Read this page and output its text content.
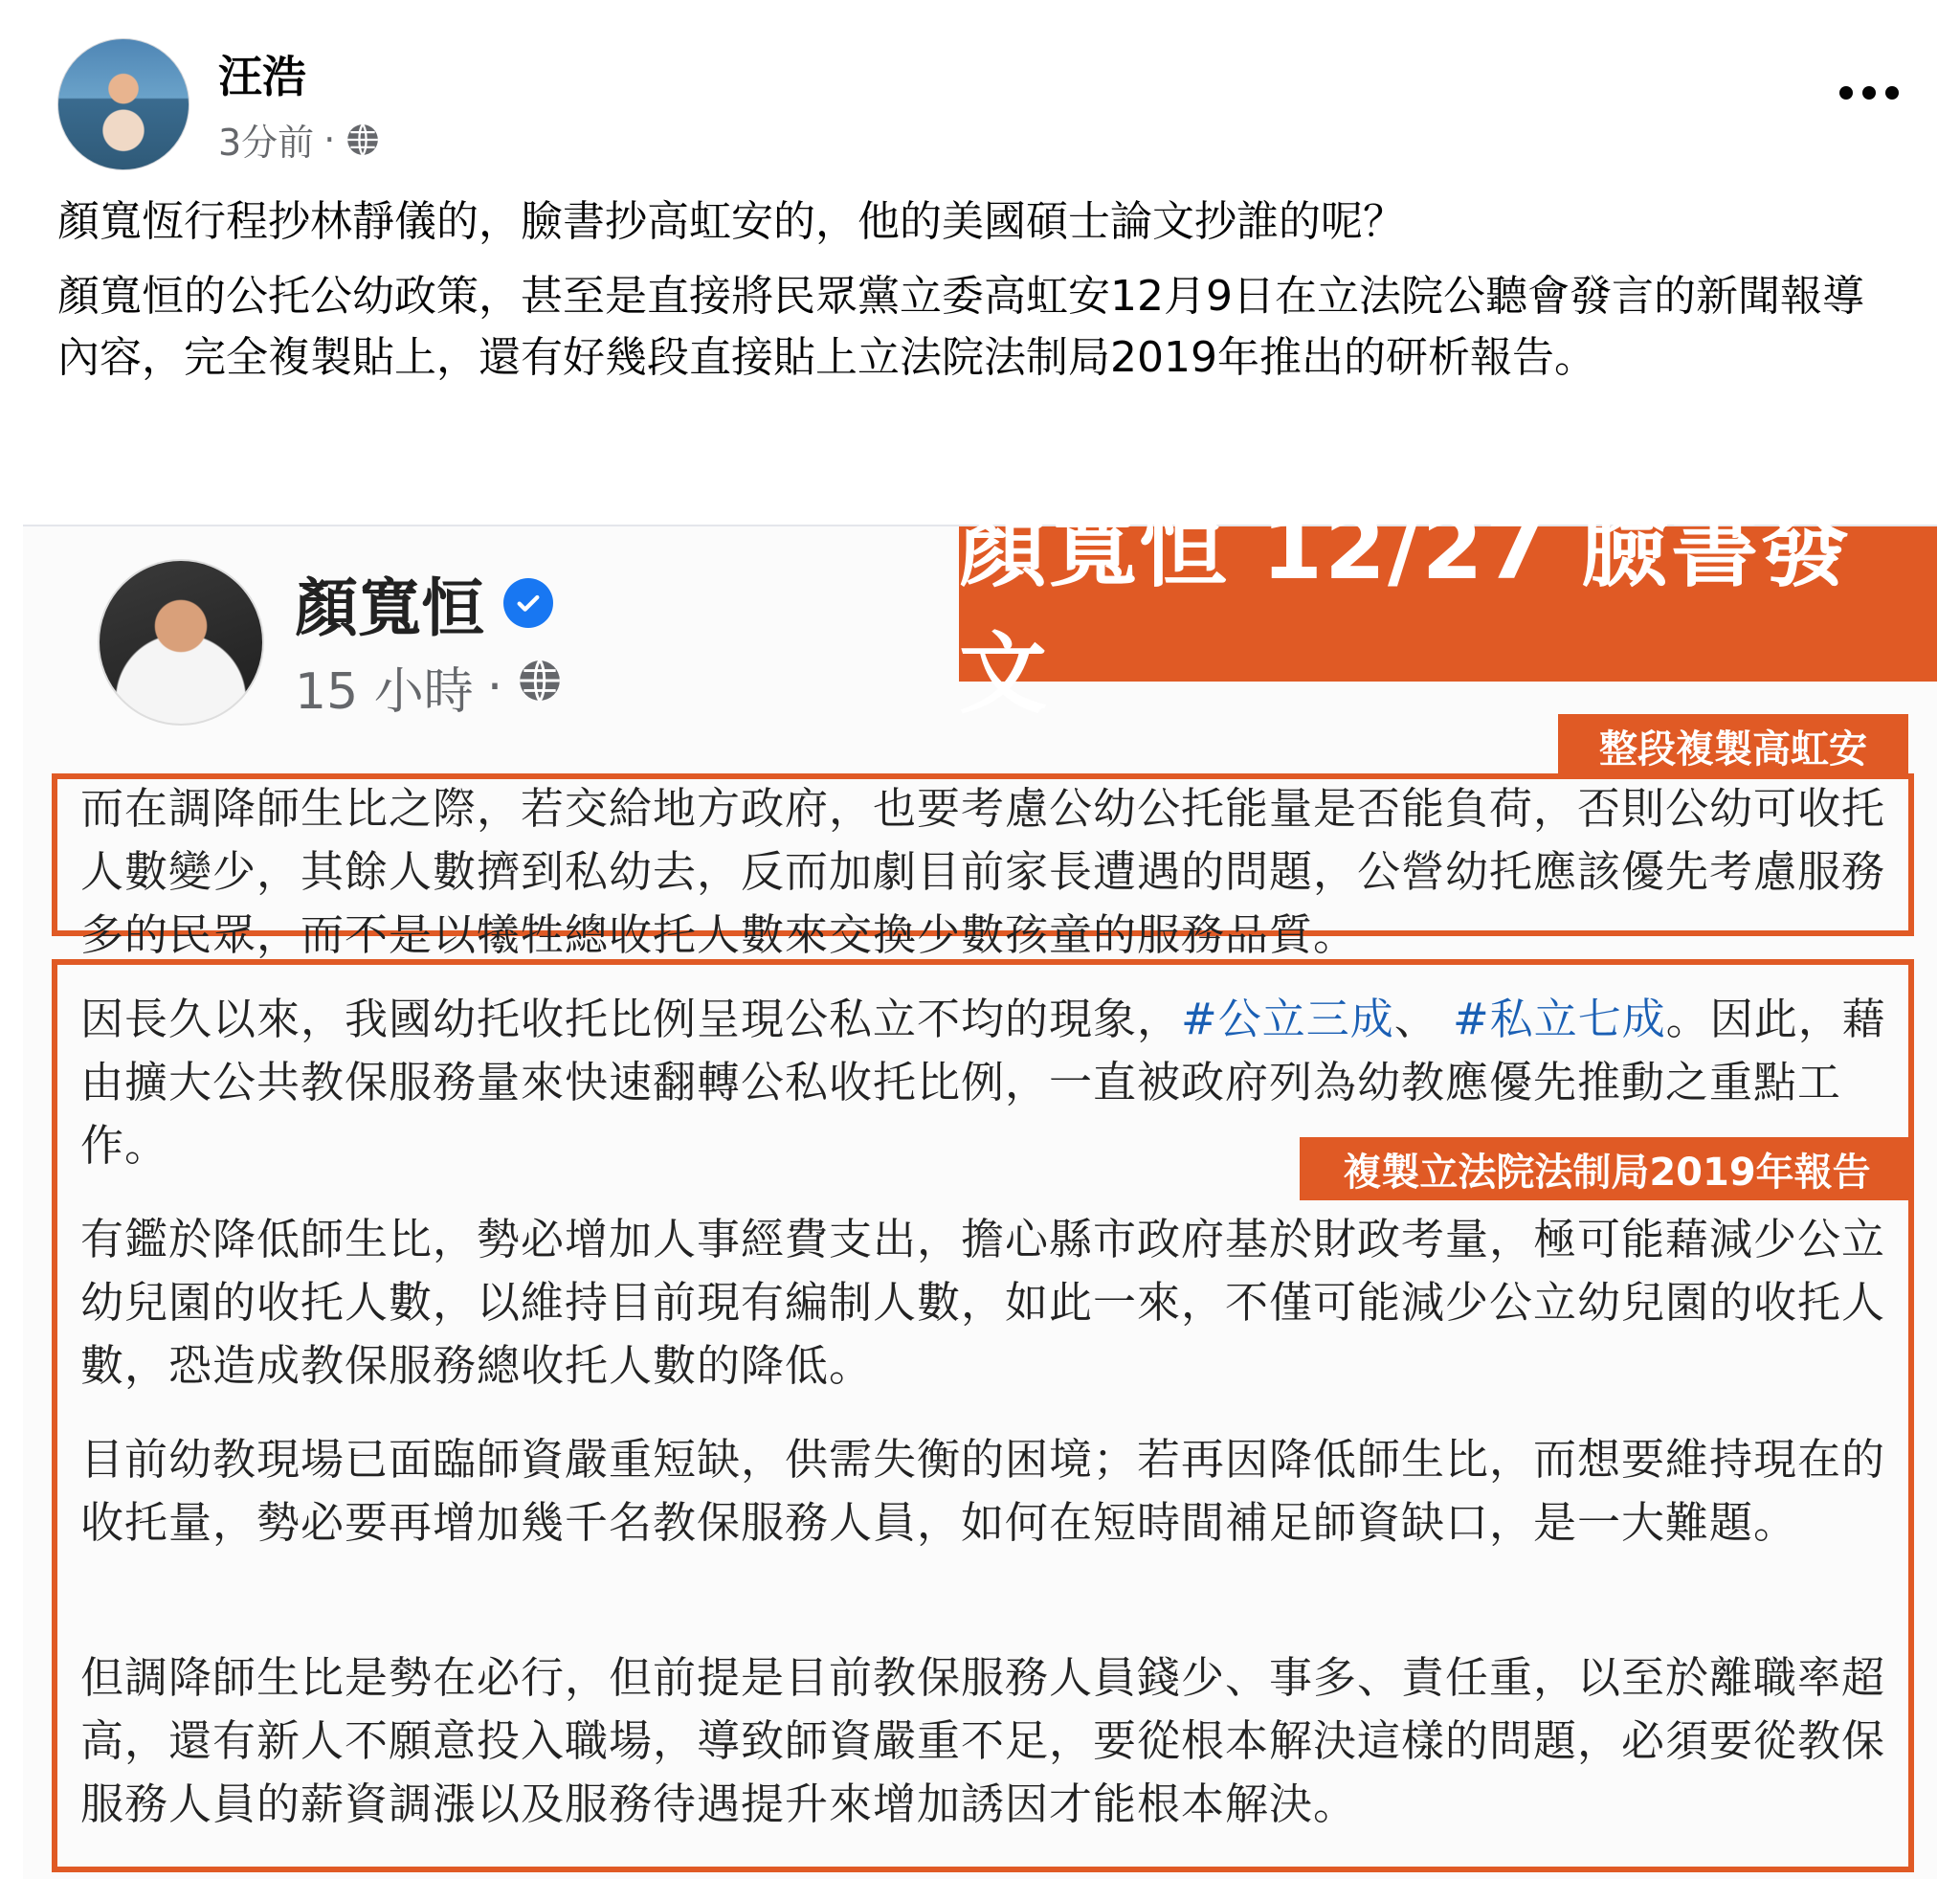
汪浩
3分前 ·

顏寬恆行程抄林靜儀的，臉書抄高虹安的，他的美國碩士論文抄誰的呢？

顏寬恒的公托公幼政策，甚至是直接將民眾黨立委高虹安12月9日在立法院公聽會發言的新聞報導內容，完全複製貼上，還有好幾段直接貼上立法院法制局2019年推出的研析報告。

顏寬恒
15 小時 ·
顏寬恒 12/27 臉書發文
整段複製高虹安
複製立法院法制局2019年報告
而在調降師生比之際，若交給地方政府，也要考慮公幼公托能量是否能負荷，否則公幼可收托人數變少，其餘人數擠到私幼去，反而加劇目前家長遭遇的問題，公營幼托應該優先考慮服務多的民眾，而不是以犧牲總收托人數來交換少數孩童的服務品質。
因長久以來，我國幼托收托比例呈現公私立不均的現象，#公立三成、 #私立七成。因此，藉由擴大公共教保服務量來快速翻轉公私收托比例，一直被政府列為幼教應優先推動之重點工作。
有鑑於降低師生比，勢必增加人事經費支出，擔心縣市政府基於財政考量，極可能藉減少公立幼兒園的收托人數，以維持目前現有編制人數，如此一來，不僅可能減少公立幼兒園的收托人數，恐造成教保服務總收托人數的降低。
目前幼教現場已面臨師資嚴重短缺，供需失衡的困境；若再因降低師生比，而想要維持現在的收托量，勢必要再增加幾千名教保服務人員，如何在短時間補足師資缺口，是一大難題。
但調降師生比是勢在必行，但前提是目前教保服務人員錢少、事多、責任重，以至於離職率超高，還有新人不願意投入職場，導致師資嚴重不足，要從根本解決這樣的問題，必須要從教保服務人員的薪資調漲以及服務待遇提升來增加誘因才能根本解決。
